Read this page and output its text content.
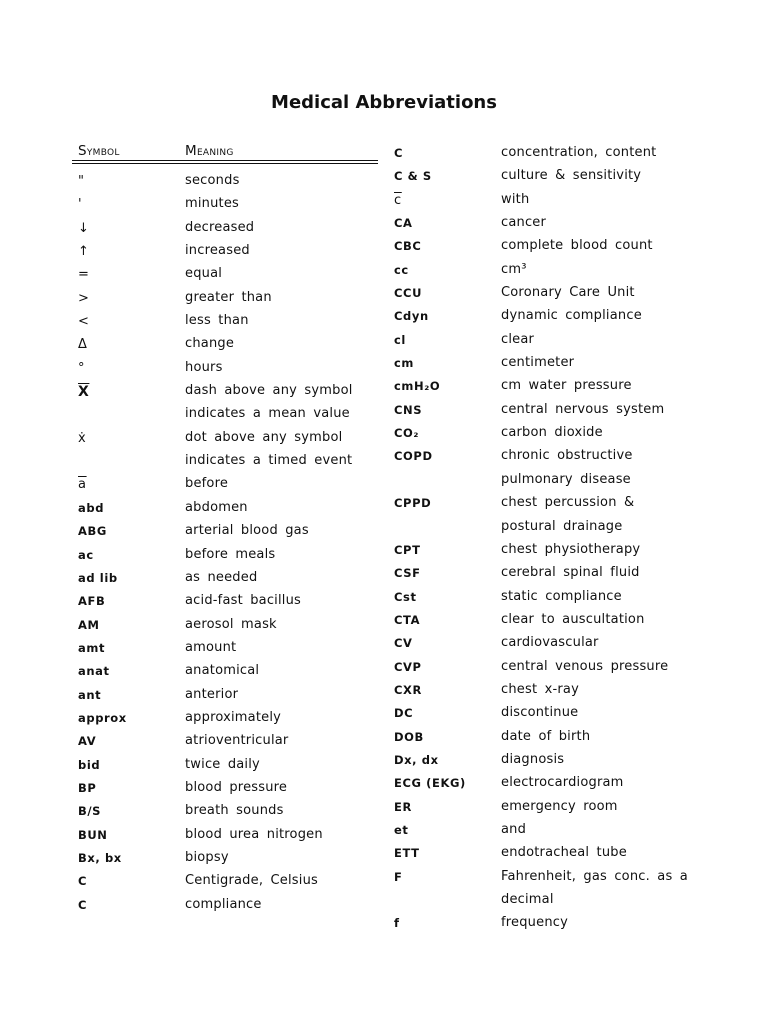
Medical Abbreviations
Symbol	Meaning
"	seconds
'	minutes
↓	decreased
↑	increased
=	equal
>	greater than
<	less than
Δ	change
°	hours
$\overline{X}$	dash above any symbol
indicates a mean value
ẋ	dot above any symbol
indicates a timed event
$\overline{a}$	before
abd	abdomen
ABG	arterial blood gas
ac	before meals
ad lib	as needed
AFB	acid-fast bacillus
AM	aerosol mask
amt	amount
anat	anatomical
ant	anterior
approx	approximately
AV	atrioventricular
bid	twice daily
BP	blood pressure
B/S	breath sounds
BUN	blood urea nitrogen
Bx, bx	biopsy
C	Centigrade, Celsius
C	compliance
C	concentration, content
C & S	culture & sensitivity
$\overline{c}$	with
CA	cancer
CBC	complete blood count
cc	cm³
CCU	Coronary Care Unit
Cdyn	dynamic compliance
cl	clear
cm	centimeter
cmH₂O	cm water pressure
CNS	central nervous system
CO₂	carbon dioxide
COPD	chronic obstructive
pulmonary disease
CPPD	chest percussion &
postural drainage
CPT	chest physiotherapy
CSF	cerebral spinal fluid
Cst	static compliance
CTA	clear to auscultation
CV	cardiovascular
CVP	central venous pressure
CXR	chest x-ray
DC	discontinue
DOB	date of birth
Dx, dx	diagnosis
ECG (EKG)	electrocardiogram
ER	emergency room
et	and
ETT	endotracheal tube
F	Fahrenheit, gas conc. as a
decimal
f	frequency
